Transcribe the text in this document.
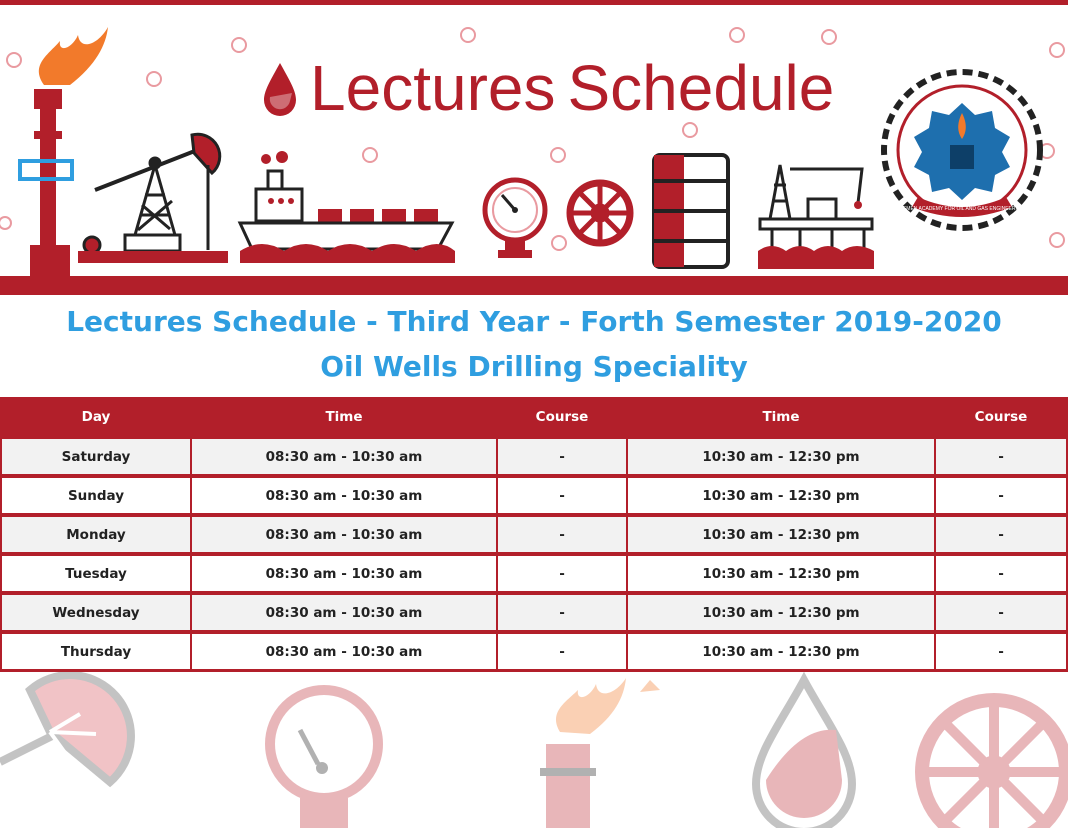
Lectures Schedule
YEMEN ACADEMY FOR OIL AND GAS ENGINEERING
Lectures Schedule - Third Year - Forth Semester 2019-2020
Oil Wells Drilling Speciality
Day	Time	Course	Time	Course
Saturday	08:30 am - 10:30 am	-	10:30 am - 12:30 pm	-
Sunday	08:30 am - 10:30 am	-	10:30 am - 12:30 pm	-
Monday	08:30 am - 10:30 am	-	10:30 am - 12:30 pm	-
Tuesday	08:30 am - 10:30 am	-	10:30 am - 12:30 pm	-
Wednesday	08:30 am - 10:30 am	-	10:30 am - 12:30 pm	-
Thursday	08:30 am - 10:30 am	-	10:30 am - 12:30 pm	-
